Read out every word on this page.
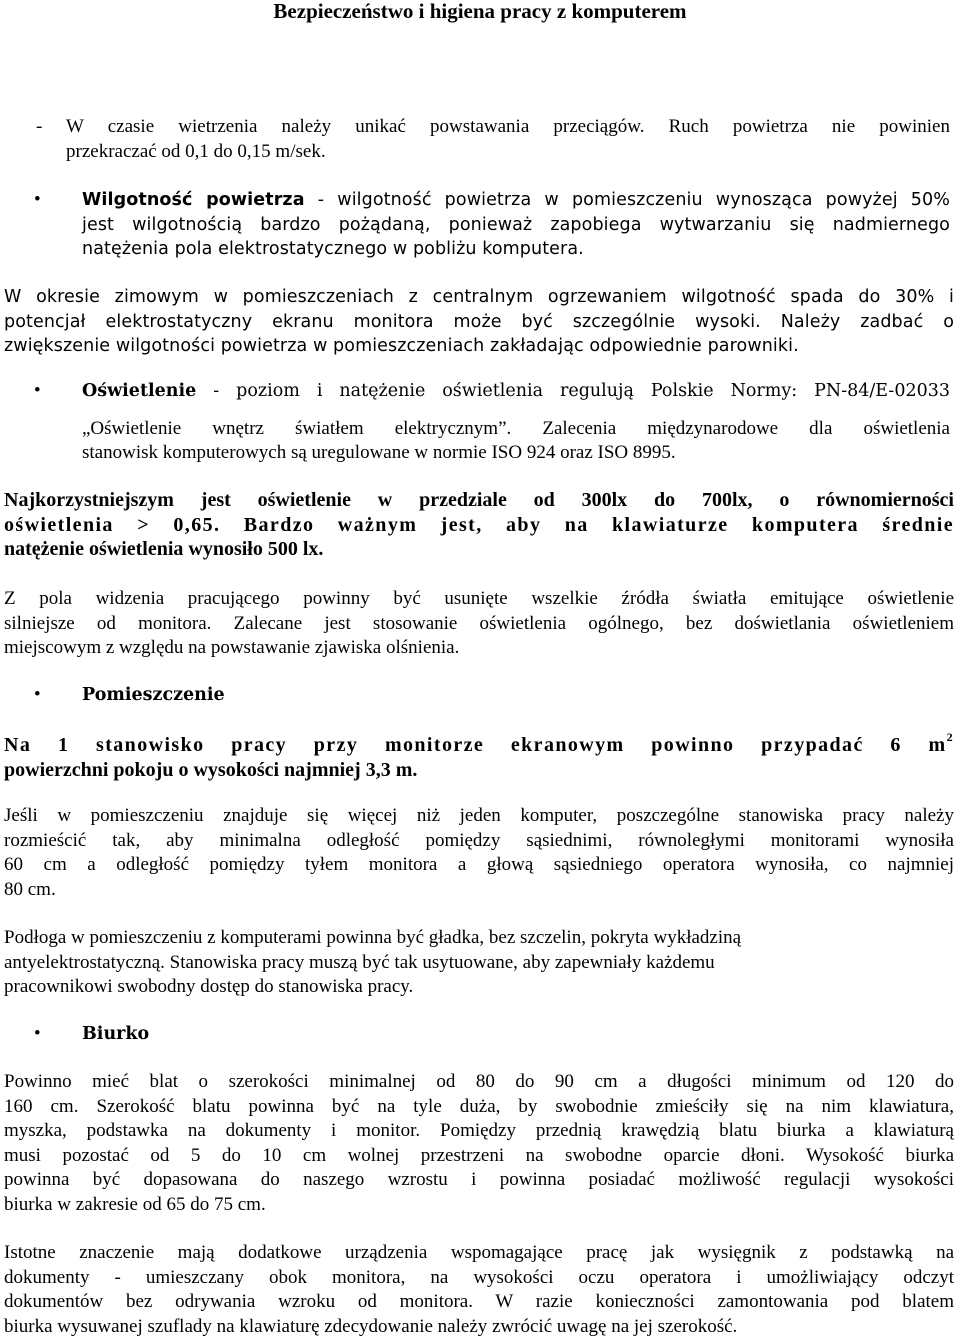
Bezpieczeństwo i higiena pracy z komputerem
- W czasie wietrzenia należy unikać powstawania przeciągów. Ruch powietrza nie powinien
przekraczać od 0,1 do 0,15 m/sek.
• Wilgotność powietrza - wilgotność powietrza w pomieszczeniu wynosząca powyżej 50%
jest wilgotnością bardzo pożądaną, ponieważ zapobiega wytwarzaniu się nadmiernego
natężenia pola elektrostatycznego w pobliżu komputera.
W okresie zimowym w pomieszczeniach z centralnym ogrzewaniem wilgotność spada do 30% i
potencjał elektrostatyczny ekranu monitora może być szczególnie wysoki. Należy zadbać o
zwiększenie wilgotności powietrza w pomieszczeniach zakładając odpowiednie parowniki.
• Oświetlenie - poziom i natężenie oświetlenia regulują Polskie Normy: PN-84/E-02033
„Oświetlenie wnętrz światłem elektrycznym”. Zalecenia międzynarodowe dla oświetlenia
stanowisk komputerowych są uregulowane w normie ISO 924 oraz ISO 8995.
Najkorzystniejszym jest oświetlenie w przedziale od 300lx do 700lx, o równomierności
oświetlenia > 0,65. Bardzo ważnym jest, aby na klawiaturze komputera średnie
natężenie oświetlenia wynosiło 500 lx.
Z pola widzenia pracującego powinny być usunięte wszelkie źródła światła emitujące oświetlenie
silniejsze od monitora. Zalecane jest stosowanie oświetlenia ogólnego, bez doświetlania oświetleniem
miejscowym z względu na powstawanie zjawiska olśnienia.
• Pomieszczenie
Na 1 stanowisko pracy przy monitorze ekranowym powinno przypadać 6 $m^2$
powierzchni pokoju o wysokości najmniej 3,3 m.
Jeśli w pomieszczeniu znajduje się więcej niż jeden komputer, poszczególne stanowiska pracy należy
rozmieścić tak, aby minimalna odległość pomiędzy sąsiednimi, równoległymi monitorami wynosiła
60 cm a odległość pomiędzy tyłem monitora a głową sąsiedniego operatora wynosiła, co najmniej
80 cm.
Podłoga w pomieszczeniu z komputerami powinna być gładka, bez szczelin, pokryta wykładziną
antyelektrostatyczną. Stanowiska pracy muszą być tak usytuowane, aby zapewniały każdemu
pracownikowi swobodny dostęp do stanowiska pracy.
• Biurko
Powinno mieć blat o szerokości minimalnej od 80 do 90 cm a długości minimum od 120 do
160 cm. Szerokość blatu powinna być na tyle duża, by swobodnie zmieściły się na nim klawiatura,
myszka, podstawka na dokumenty i monitor. Pomiędzy przednią krawędzią blatu biurka a klawiaturą
musi pozostać od 5 do 10 cm wolnej przestrzeni na swobodne oparcie dłoni. Wysokość biurka
powinna być dopasowana do naszego wzrostu i powinna posiadać możliwość regulacji wysokości
biurka w zakresie od 65 do 75 cm.
Istotne znaczenie mają dodatkowe urządzenia wspomagające pracę jak wysięgnik z podstawką na
dokumenty - umieszczany obok monitora, na wysokości oczu operatora i umożliwiający odczyt
dokumentów bez odrywania wzroku od monitora. W razie konieczności zamontowania pod blatem
biurka wysuwanej szuflady na klawiaturę zdecydowanie należy zwrócić uwagę na jej szerokość.
